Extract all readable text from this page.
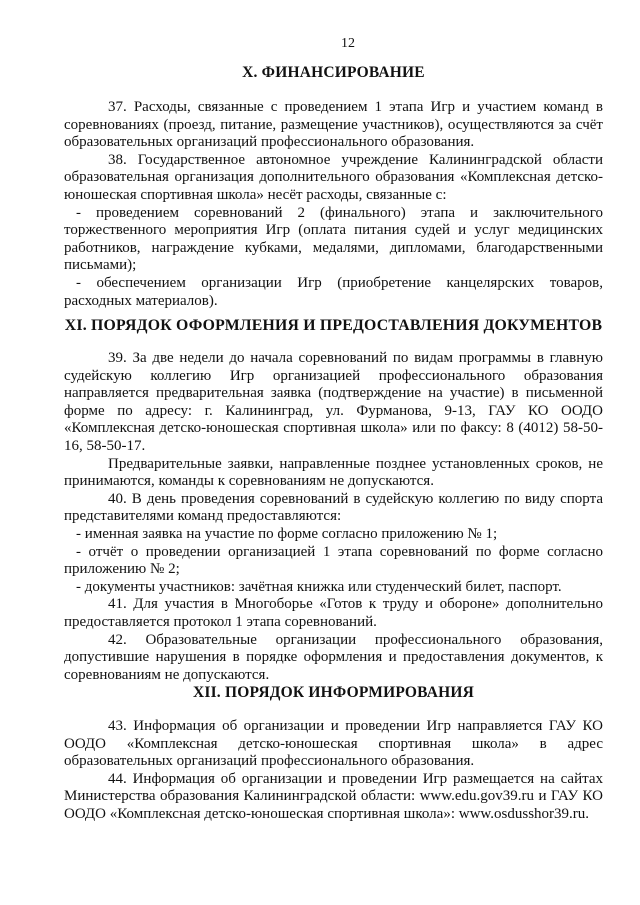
12
X. ФИНАНСИРОВАНИЕ

37. Расходы, связанные с проведением 1 этапа Игр и участием команд в соревнованиях (проезд, питание, размещение участников), осуществляются за счёт образовательных организаций профессионального образования.

38. Государственное автономное учреждение Калининградской области образовательная организация дополнительного образования «Комплексная детско-юношеская спортивная школа» несёт расходы, связанные с:

- проведением соревнований 2 (финального) этапа и заключительного торжественного мероприятия Игр (оплата питания судей и услуг медицинских работников, награждение кубками, медалями, дипломами, благодарственными письмами);

- обеспечением организации Игр (приобретение канцелярских товаров, расходных материалов).

XI. ПОРЯДОК ОФОРМЛЕНИЯ И ПРЕДОСТАВЛЕНИЯ ДОКУМЕНТОВ

39. За две недели до начала соревнований по видам программы в главную судейскую коллегию Игр организацией профессионального образования направляется предварительная заявка (подтверждение на участие) в письменной форме по адресу: г. Калининград, ул. Фурманова, 9-13, ГАУ КО ООДО «Комплексная детско-юношеская спортивная школа» или по факсу: 8 (4012) 58-50-16, 58-50-17.

Предварительные заявки, направленные позднее установленных сроков, не принимаются, команды к соревнованиям не допускаются.

40. В день проведения соревнований в судейскую коллегию по виду спорта представителями команд предоставляются:

- именная заявка на участие по форме согласно приложению № 1;

- отчёт о проведении организацией 1 этапа соревнований по форме согласно приложению № 2;

- документы участников: зачётная книжка или студенческий билет, паспорт.

41. Для участия в Многоборье «Готов к труду и обороне» дополнительно предоставляется протокол 1 этапа соревнований.

42. Образовательные организации профессионального образования, допустившие нарушения в порядке оформления и предоставления документов, к соревнованиям не допускаются.

XII. ПОРЯДОК ИНФОРМИРОВАНИЯ

43. Информация об организации и проведении Игр направляется ГАУ КО ООДО «Комплексная детско-юношеская спортивная школа» в адрес образовательных организаций профессионального образования.

44. Информация об организации и проведении Игр размещается на сайтах Министерства образования Калининградской области: www.edu.gov39.ru и ГАУ КО ООДО «Комплексная детско-юношеская спортивная школа»: www.osdusshor39.ru.
